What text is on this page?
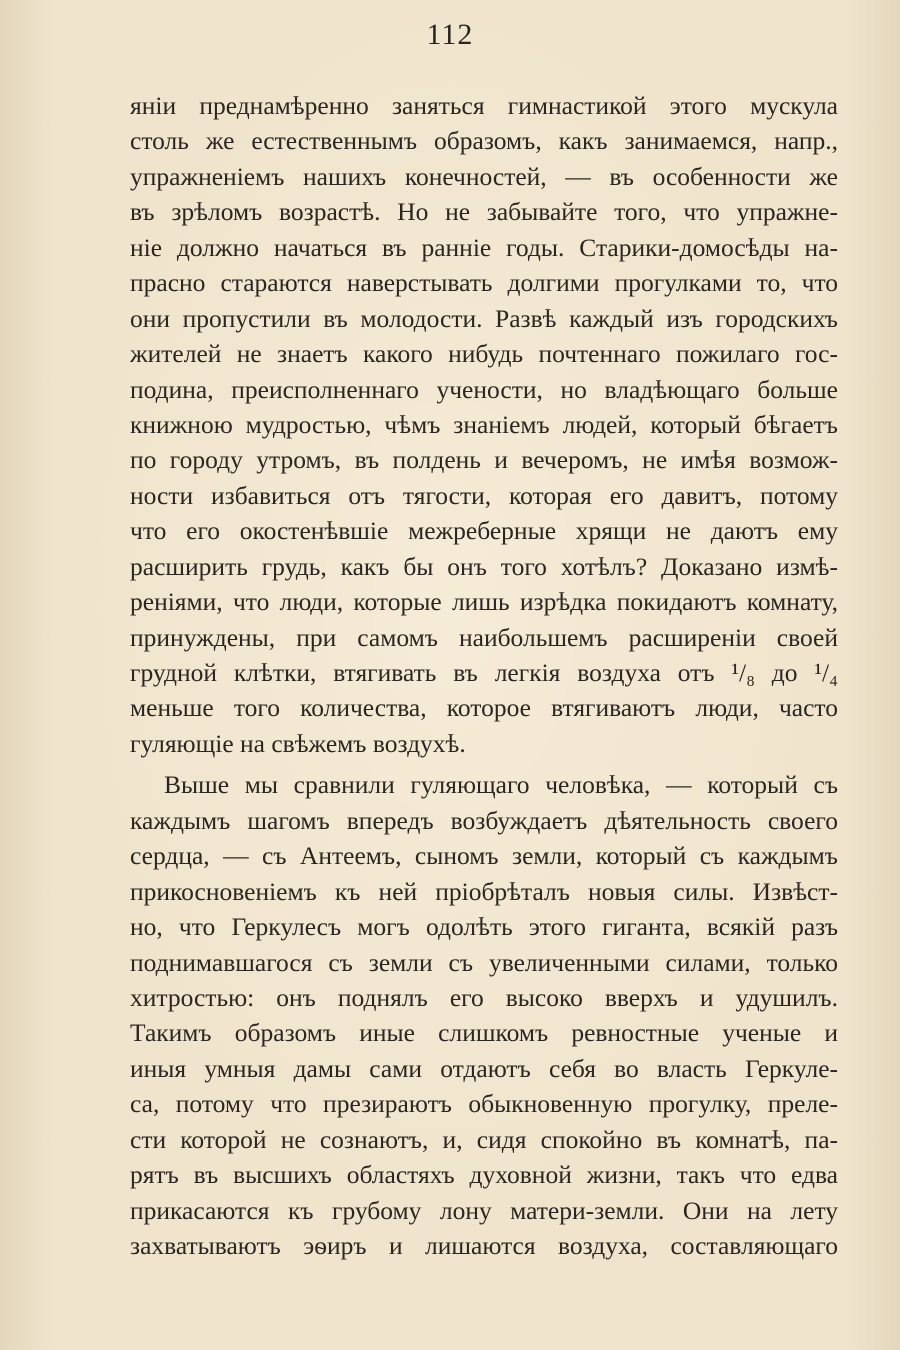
112
яніи преднамѣренно заняться гимнастикой этого мускула
столь же естественнымъ образомъ, какъ занимаемся, напр.,
упражненіемъ нашихъ конечностей, — въ особенности же
въ зрѣломъ возрастѣ. Но не забывайте того, что упражне-
ніе должно начаться въ ранніе годы. Старики-домосѣды на-
прасно стараются наверстывать долгими прогулками то, что
они пропустили въ молодости. Развѣ каждый изъ городскихъ
жителей не знаетъ какого нибудь почтеннаго пожилаго гос-
подина, преисполненнаго учености, но владѣющаго больше
книжною мудростью, чѣмъ знаніемъ людей, который бѣгаетъ
по городу утромъ, въ полдень и вечеромъ, не имѣя возмож-
ности избавиться отъ тягости, которая его давитъ, потому
что его окостенѣвшіе межреберные хрящи не даютъ ему
расширить грудь, какъ бы онъ того хотѣлъ? Доказано измѣ-
реніями, что люди, которые лишь изрѣдка покидаютъ комнату,
принуждены, при самомъ наибольшемъ расширеніи своей
грудной клѣтки, втягивать въ легкія воздуха отъ ¹/₈ до ¹/₄
меньше того количества, которое втягиваютъ люди, часто
гуляющіе на свѣжемъ воздухѣ.
Выше мы сравнили гуляющаго человѣка, — который съ
каждымъ шагомъ впередъ возбуждаетъ дѣятельность своего
сердца, — съ Антеемъ, сыномъ земли, который съ каждымъ
прикосновеніемъ къ ней пріобрѣталъ новыя силы. Извѣст-
но, что Геркулесъ могъ одолѣть этого гиганта, всякій разъ
поднимавшагося съ земли съ увеличенными силами, только
хитростью: онъ поднялъ его высоко вверхъ и удушилъ.
Такимъ образомъ иные слишкомъ ревностные ученые и
иныя умныя дамы сами отдаютъ себя во власть Геркуле-
са, потому что презираютъ обыкновенную прогулку, преле-
сти которой не сознаютъ, и, сидя спокойно въ комнатѣ, па-
рятъ въ высшихъ областяхъ духовной жизни, такъ что едва
прикасаются къ грубому лону матери-земли. Они на лету
захватываютъ эѳиръ и лишаются воздуха, составляющаго
